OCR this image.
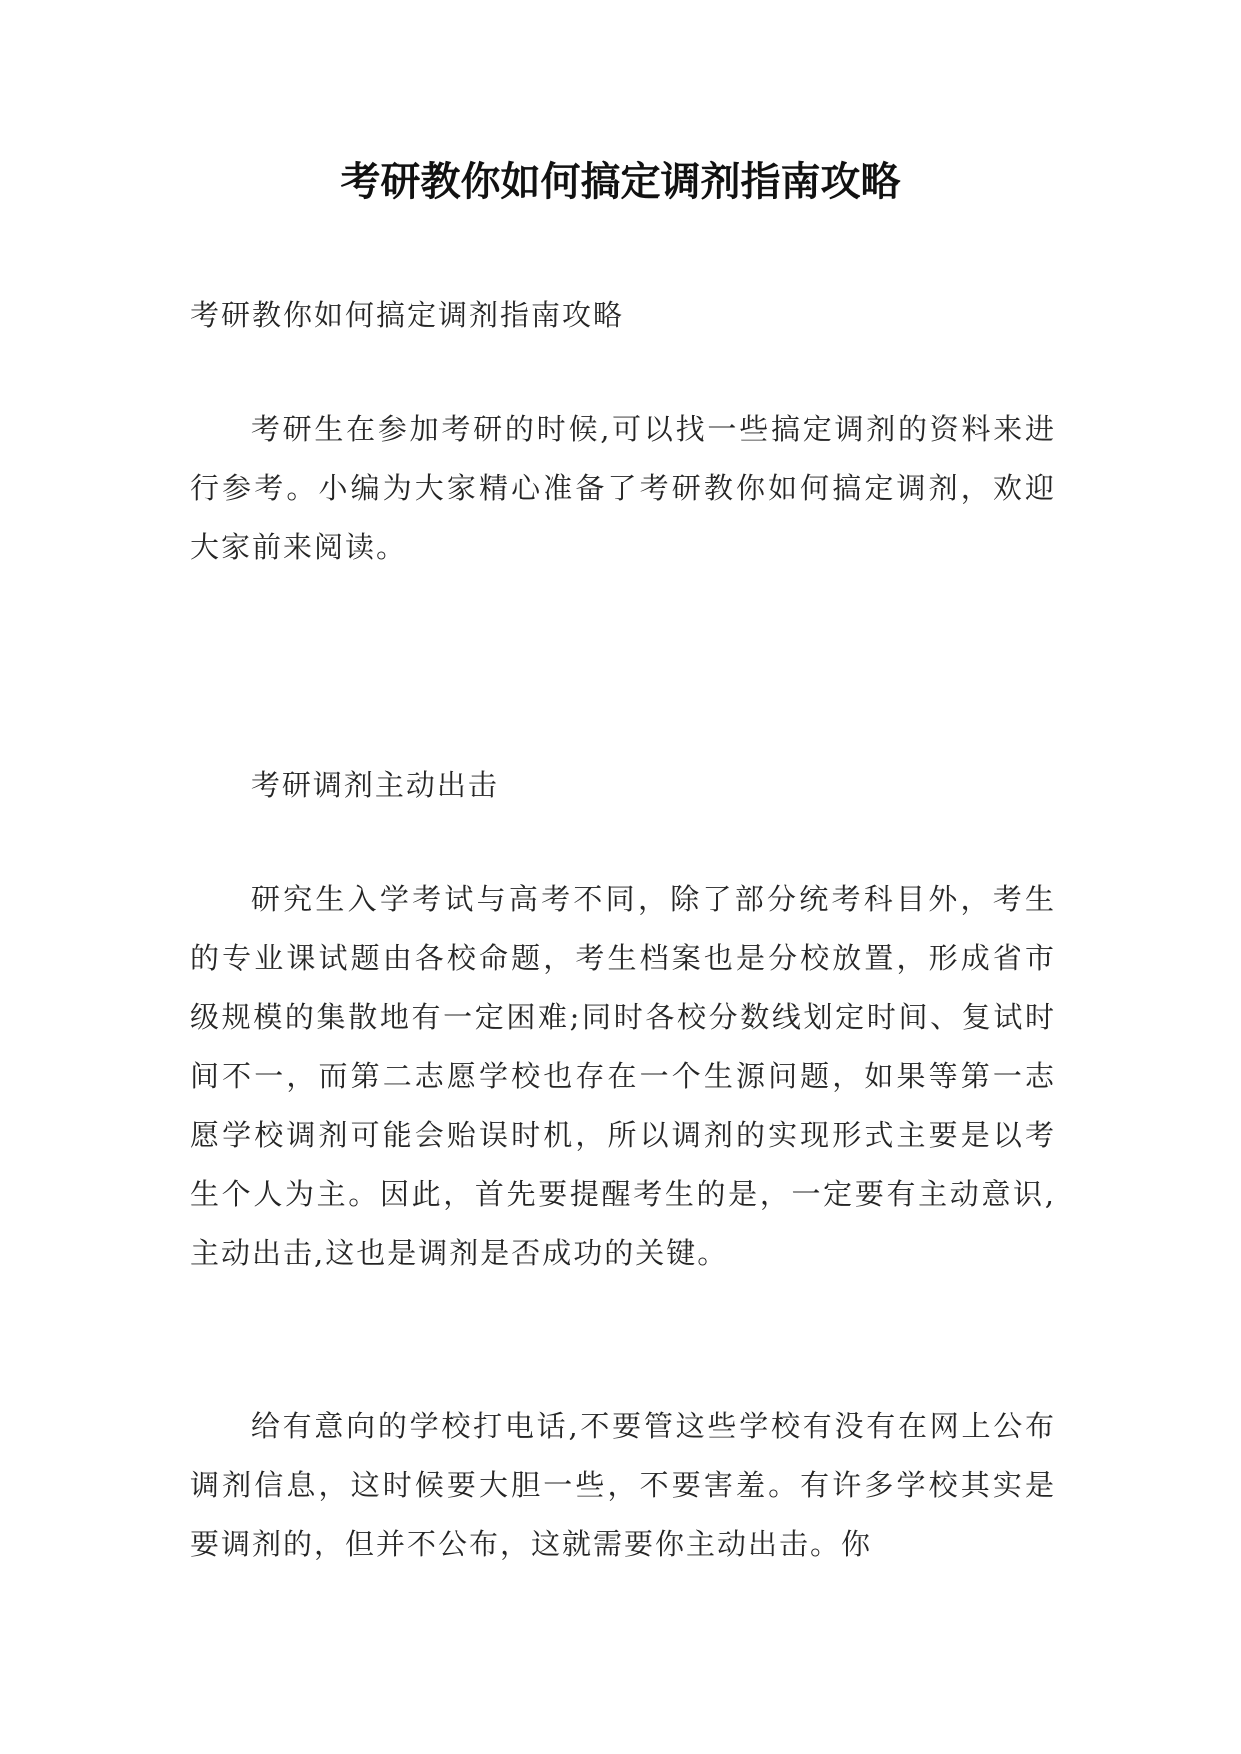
考研教你如何搞定调剂指南攻略

考研教你如何搞定调剂指南攻略

考研生在参加考研的时候,可以找一些搞定调剂的资料来进行参考。小编为大家精心准备了考研教你如何搞定调剂，欢迎大家前来阅读。

考研调剂主动出击

研究生入学考试与高考不同，除了部分统考科目外，考生的专业课试题由各校命题，考生档案也是分校放置，形成省市级规模的集散地有一定困难;同时各校分数线划定时间、复试时间不一，而第二志愿学校也存在一个生源问题，如果等第一志愿学校调剂可能会贻误时机，所以调剂的实现形式主要是以考生个人为主。因此，首先要提醒考生的是，一定要有主动意识,主动出击,这也是调剂是否成功的关键。

给有意向的学校打电话,不要管这些学校有没有在网上公布调剂信息，这时候要大胆一些，不要害羞。有许多学校其实是要调剂的，但并不公布，这就需要你主动出击。你
